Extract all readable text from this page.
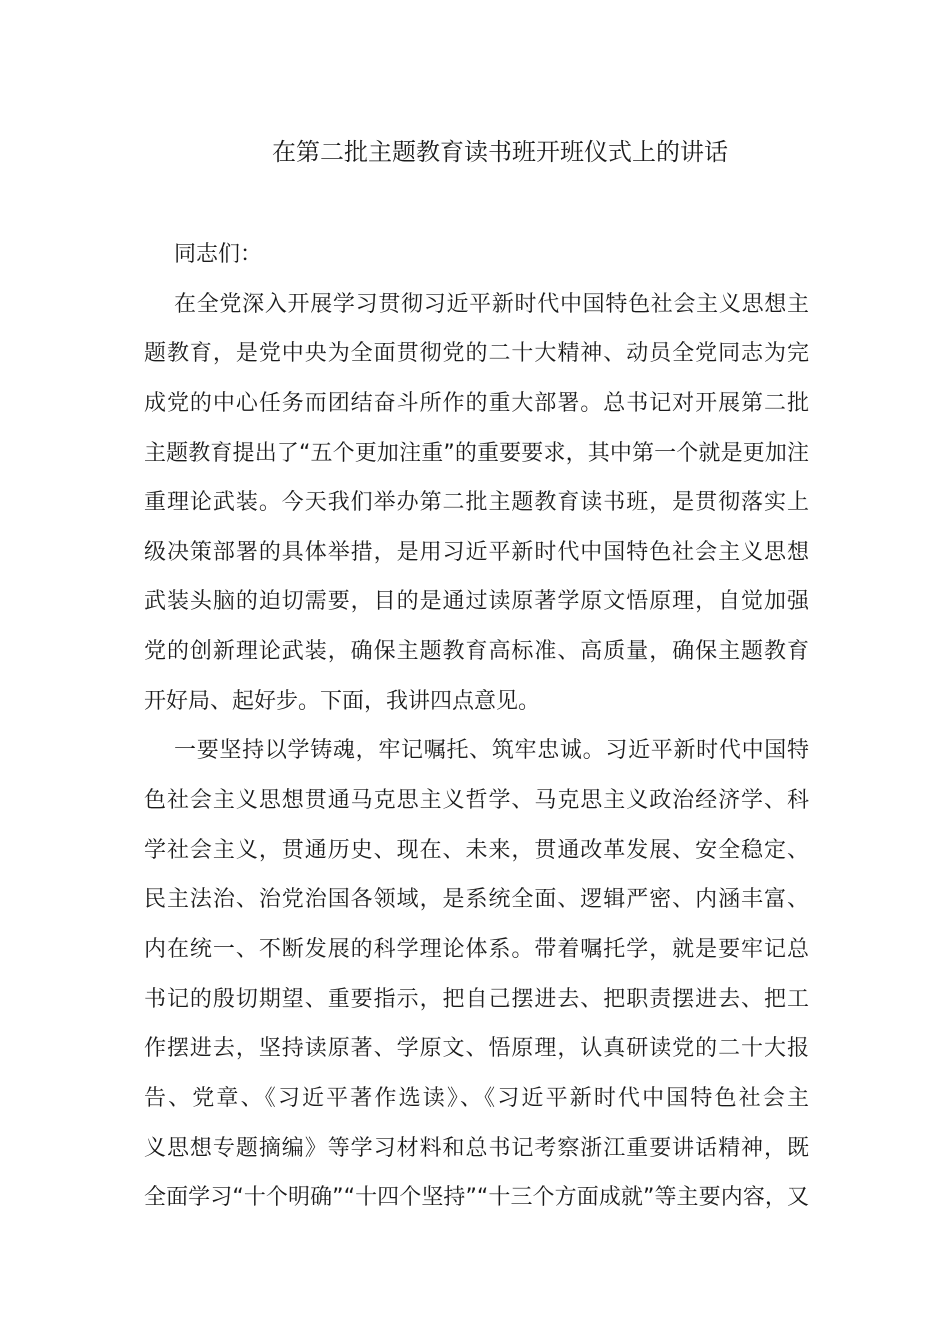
在第二批主题教育读书班开班仪式上的讲话
同志们：
在全党深入开展学习贯彻习近平新时代中国特色社会主义思想主
题教育，是党中央为全面贯彻党的二十大精神、动员全党同志为完
成党的中心任务而团结奋斗所作的重大部署。总书记对开展第二批
主题教育提出了“五个更加注重”的重要要求，其中第一个就是更加注
重理论武装。今天我们举办第二批主题教育读书班，是贯彻落实上
级决策部署的具体举措，是用习近平新时代中国特色社会主义思想
武装头脑的迫切需要，目的是通过读原著学原文悟原理，自觉加强
党的创新理论武装，确保主题教育高标准、高质量，确保主题教育
开好局、起好步。下面，我讲四点意见。
一要坚持以学铸魂，牢记嘱托、筑牢忠诚。习近平新时代中国特
色社会主义思想贯通马克思主义哲学、马克思主义政治经济学、科
学社会主义，贯通历史、现在、未来，贯通改革发展、安全稳定、
民主法治、治党治国各领域，是系统全面、逻辑严密、内涵丰富、
内在统一、不断发展的科学理论体系。带着嘱托学，就是要牢记总
书记的殷切期望、重要指示，把自己摆进去、把职责摆进去、把工
作摆进去，坚持读原著、学原文、悟原理，认真研读党的二十大报
告、党章、《习近平著作选读》、《习近平新时代中国特色社会主
义思想专题摘编》等学习材料和总书记考察浙江重要讲话精神，既
全面学习“十个明确”“十四个坚持”“十三个方面成就”等主要内容，又
